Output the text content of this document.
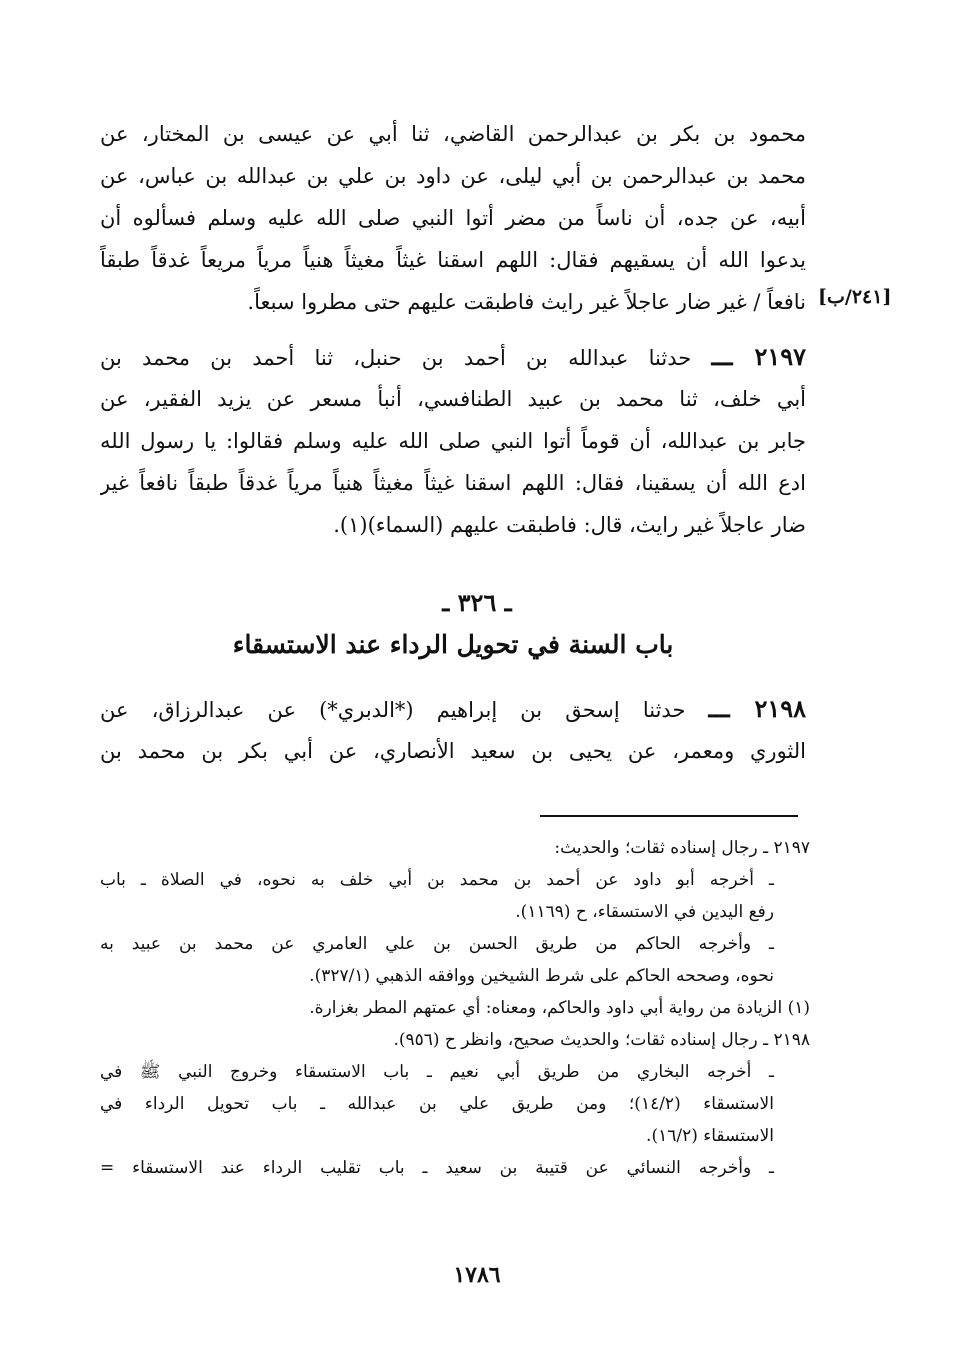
محمود بن بكر بن عبدالرحمن القاضي، ثنا أبي عن عيسى بن المختار، عن
محمد بن عبدالرحمن بن أبي ليلى، عن داود بن علي بن عبدالله بن عباس، عن
أبيه، عن جده، أن ناساً من مضر أتوا النبي صلى الله عليه وسلم فسألوه أن
يدعوا الله أن يسقيهم فقال: اللهم اسقنا غيثاً مغيثاً هنياً مرياً مريعاً غدقاً طبقاً
نافعاً / غير ضار عاجلاً غير رايث فاطبقت عليهم حتى مطروا سبعاً. [٢٤١/ب]
٢١٩٧ ـــ حدثنا عبدالله بن أحمد بن حنبل، ثنا أحمد بن محمد بن
أبي خلف، ثنا محمد بن عبيد الطنافسي، أنبأ مسعر عن يزيد الفقير، عن
جابر بن عبدالله، أن قوماً أتوا النبي صلى الله عليه وسلم فقالوا: يا رسول الله
ادع الله أن يسقينا، فقال: اللهم اسقنا غيثاً مغيثاً هنياً مرياً غدقاً طبقاً نافعاً غير
ضار عاجلاً غير رايث، قال: فاطبقت عليهم (السماء)(١).
ـ ٣٢٦ ـ
باب السنة في تحويل الرداء عند الاستسقاء
٢١٩٨ ـــ حدثنا إسحق بن إبراهيم (*الدبري*) عن عبدالرزاق، عن
الثوري ومعمر، عن يحيى بن سعيد الأنصاري، عن أبي بكر بن محمد بن
٢١٩٧ ـ رجال إسناده ثقات؛ والحديث:
ـ أخرجه أبو داود عن أحمد بن محمد بن أبي خلف به نحوه، في الصلاة ـ باب
رفع اليدين في الاستسقاء، ح (١١٦٩).
ـ وأخرجه الحاكم من طريق الحسن بن علي العامري عن محمد بن عبيد به
نحوه، وصححه الحاكم على شرط الشيخين ووافقه الذهبي (٣٢٧/١).
(١) الزيادة من رواية أبي داود والحاكم، ومعناه: أي عمتهم المطر بغزارة.
٢١٩٨ ـ رجال إسناده ثقات؛ والحديث صحيح، وانظر ح (٩٥٦).
ـ أخرجه البخاري من طريق أبي نعيم ـ باب الاستسقاء وخروج النبي ﷺ في
الاستسقاء (١٤/٢)؛ ومن طريق علي بن عبدالله ـ باب تحويل الرداء في
الاستسقاء (١٦/٢).
ـ وأخرجه النسائي عن قتيبة بن سعيد ـ باب تقليب الرداء عند الاستسقاء =
١٧٨٦
